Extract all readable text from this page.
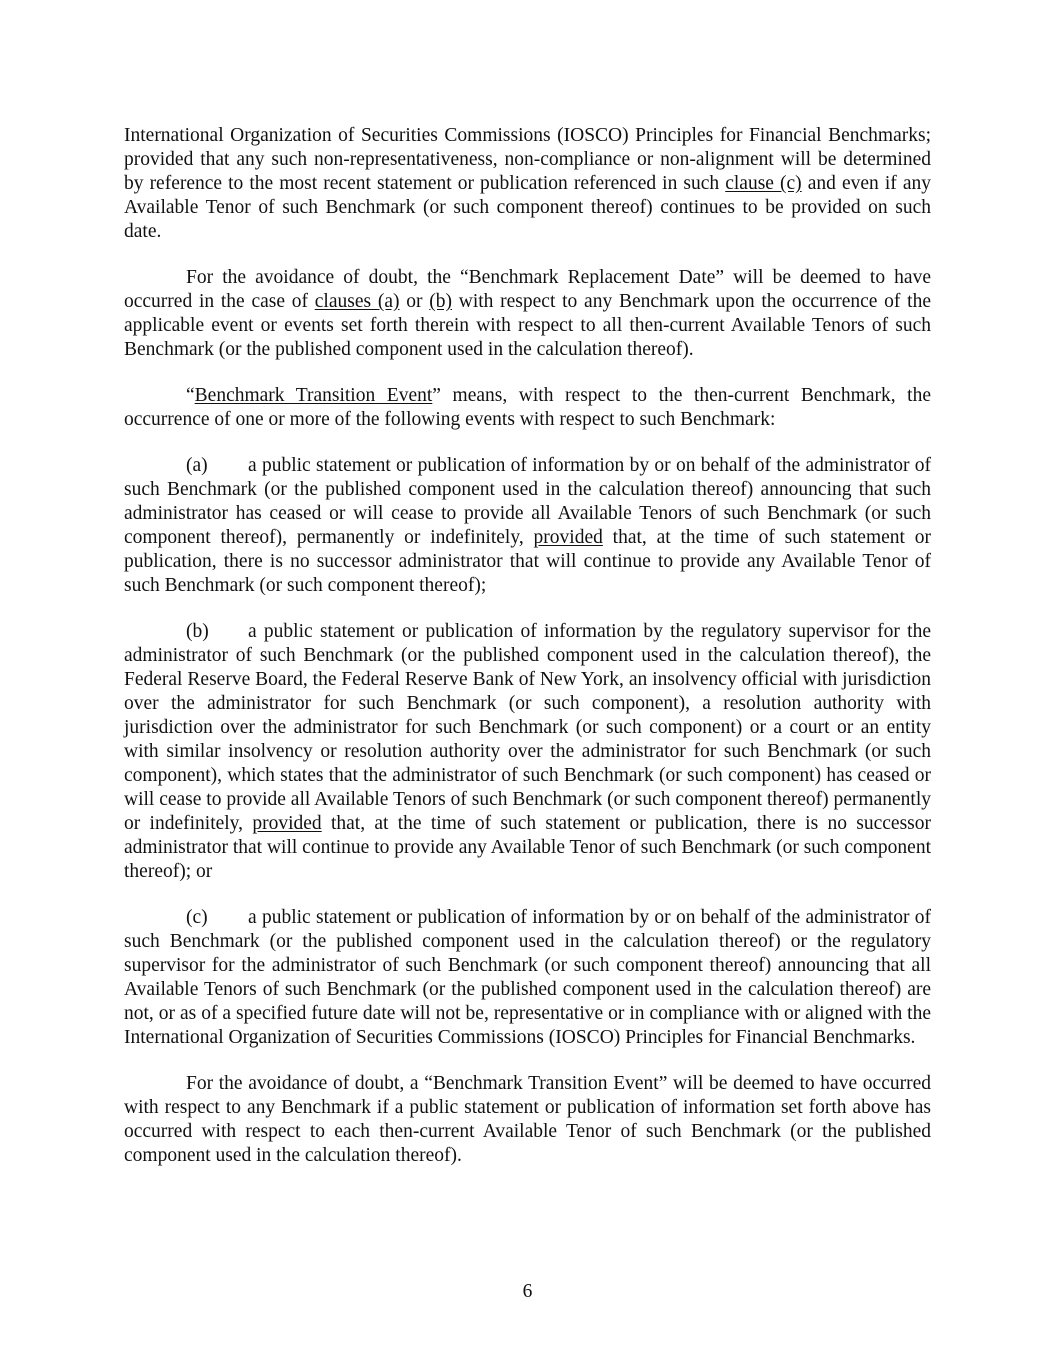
International Organization of Securities Commissions (IOSCO) Principles for Financial Benchmarks; provided that any such non-representativeness, non-compliance or non-alignment will be determined by reference to the most recent statement or publication referenced in such clause (c) and even if any Available Tenor of such Benchmark (or such component thereof) continues to be provided on such date.

For the avoidance of doubt, the “Benchmark Replacement Date” will be deemed to have occurred in the case of clauses (a) or (b) with respect to any Benchmark upon the occurrence of the applicable event or events set forth therein with respect to all then-current Available Tenors of such Benchmark (or the published component used in the calculation thereof).

“Benchmark Transition Event” means, with respect to the then-current Benchmark, the occurrence of one or more of the following events with respect to such Benchmark:

(a) a public statement or publication of information by or on behalf of the administrator of such Benchmark (or the published component used in the calculation thereof) announcing that such administrator has ceased or will cease to provide all Available Tenors of such Benchmark (or such component thereof), permanently or indefinitely, provided that, at the time of such statement or publication, there is no successor administrator that will continue to provide any Available Tenor of such Benchmark (or such component thereof);

(b) a public statement or publication of information by the regulatory supervisor for the administrator of such Benchmark (or the published component used in the calculation thereof), the Federal Reserve Board, the Federal Reserve Bank of New York, an insolvency official with jurisdiction over the administrator for such Benchmark (or such component), a resolution authority with jurisdiction over the administrator for such Benchmark (or such component) or a court or an entity with similar insolvency or resolution authority over the administrator for such Benchmark (or such component), which states that the administrator of such Benchmark (or such component) has ceased or will cease to provide all Available Tenors of such Benchmark (or such component thereof) permanently or indefinitely, provided that, at the time of such statement or publication, there is no successor administrator that will continue to provide any Available Tenor of such Benchmark (or such component thereof); or

(c) a public statement or publication of information by or on behalf of the administrator of such Benchmark (or the published component used in the calculation thereof) or the regulatory supervisor for the administrator of such Benchmark (or such component thereof) announcing that all Available Tenors of such Benchmark (or the published component used in the calculation thereof) are not, or as of a specified future date will not be, representative or in compliance with or aligned with the International Organization of Securities Commissions (IOSCO) Principles for Financial Benchmarks.

For the avoidance of doubt, a “Benchmark Transition Event” will be deemed to have occurred with respect to any Benchmark if a public statement or publication of information set forth above has occurred with respect to each then-current Available Tenor of such Benchmark (or the published component used in the calculation thereof).

6
